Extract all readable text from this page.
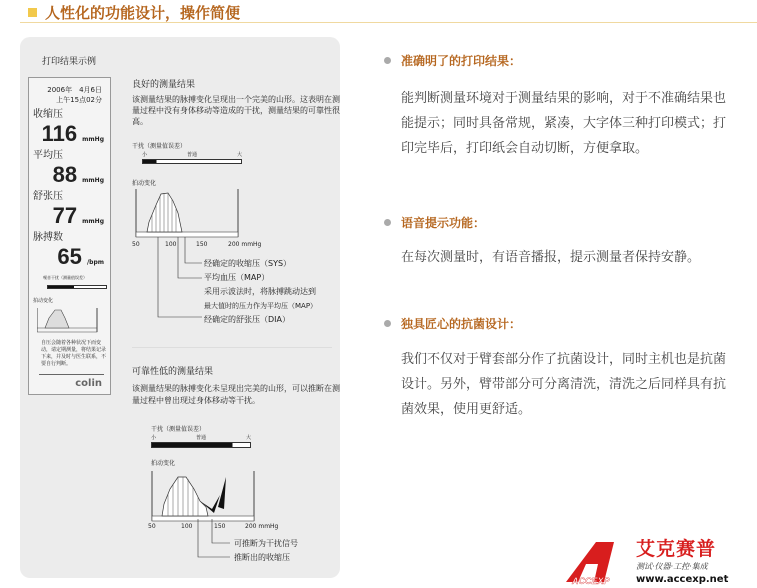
人性化的功能设计，操作简便
打印结果示例
2006年　4月6日
上午15点02分
收缩压
116 mmHg
平均压
88 mmHg
舒张压
77 mmHg
脉搏数
65 /bpm
噪音干扰（测量值误差）
拍动变化
自压会随着各种状况下而变动，请定期测量，将结果记录下来，并及时与医生联系，不要自行判断。
colin
良好的测量结果
该测量结果的脉搏变化呈现出一个完美的山形。这表明在测量过程中没有身体移动等造成的干扰，测量结果的可靠性很高。
干扰（测量值误差）
小	普通	大
拍动变化
50	100	150	200 mmHg
经确定的收缩压（SYS）
平均血压（MAP）
采用示波法时，将脉搏跳动达到
最大值时的压力作为平均压（MAP）
经确定的舒张压（DIA）
可靠性低的测量结果
该测量结果的脉搏变化未呈现出完美的山形，可以推断在测量过程中曾出现过身体移动等干扰。
干扰（测量值误差）
小	普通	大
拍动变化
50	100	150	200 mmHg
可推断为干扰信号
推断出的收缩压
准确明了的打印结果：
能判断测量环境对于测量结果的影响，对于不准确结果也能提示；同时具备常规，紧凑，大字体三种打印模式；打印完毕后，打印纸会自动切断，方便拿取。
语音提示功能：
在每次测量时，有语音播报，提示测量者保持安静。
独具匠心的抗菌设计：
我们不仅对于臂套部分作了抗菌设计，同时主机也是抗菌设计。另外，臂带部分可分离清洗，清洗之后同样具有抗菌效果，使用更舒适。
ACCEXP
艾克赛普
测试·仪器·工控·集成
www.accexp.net
